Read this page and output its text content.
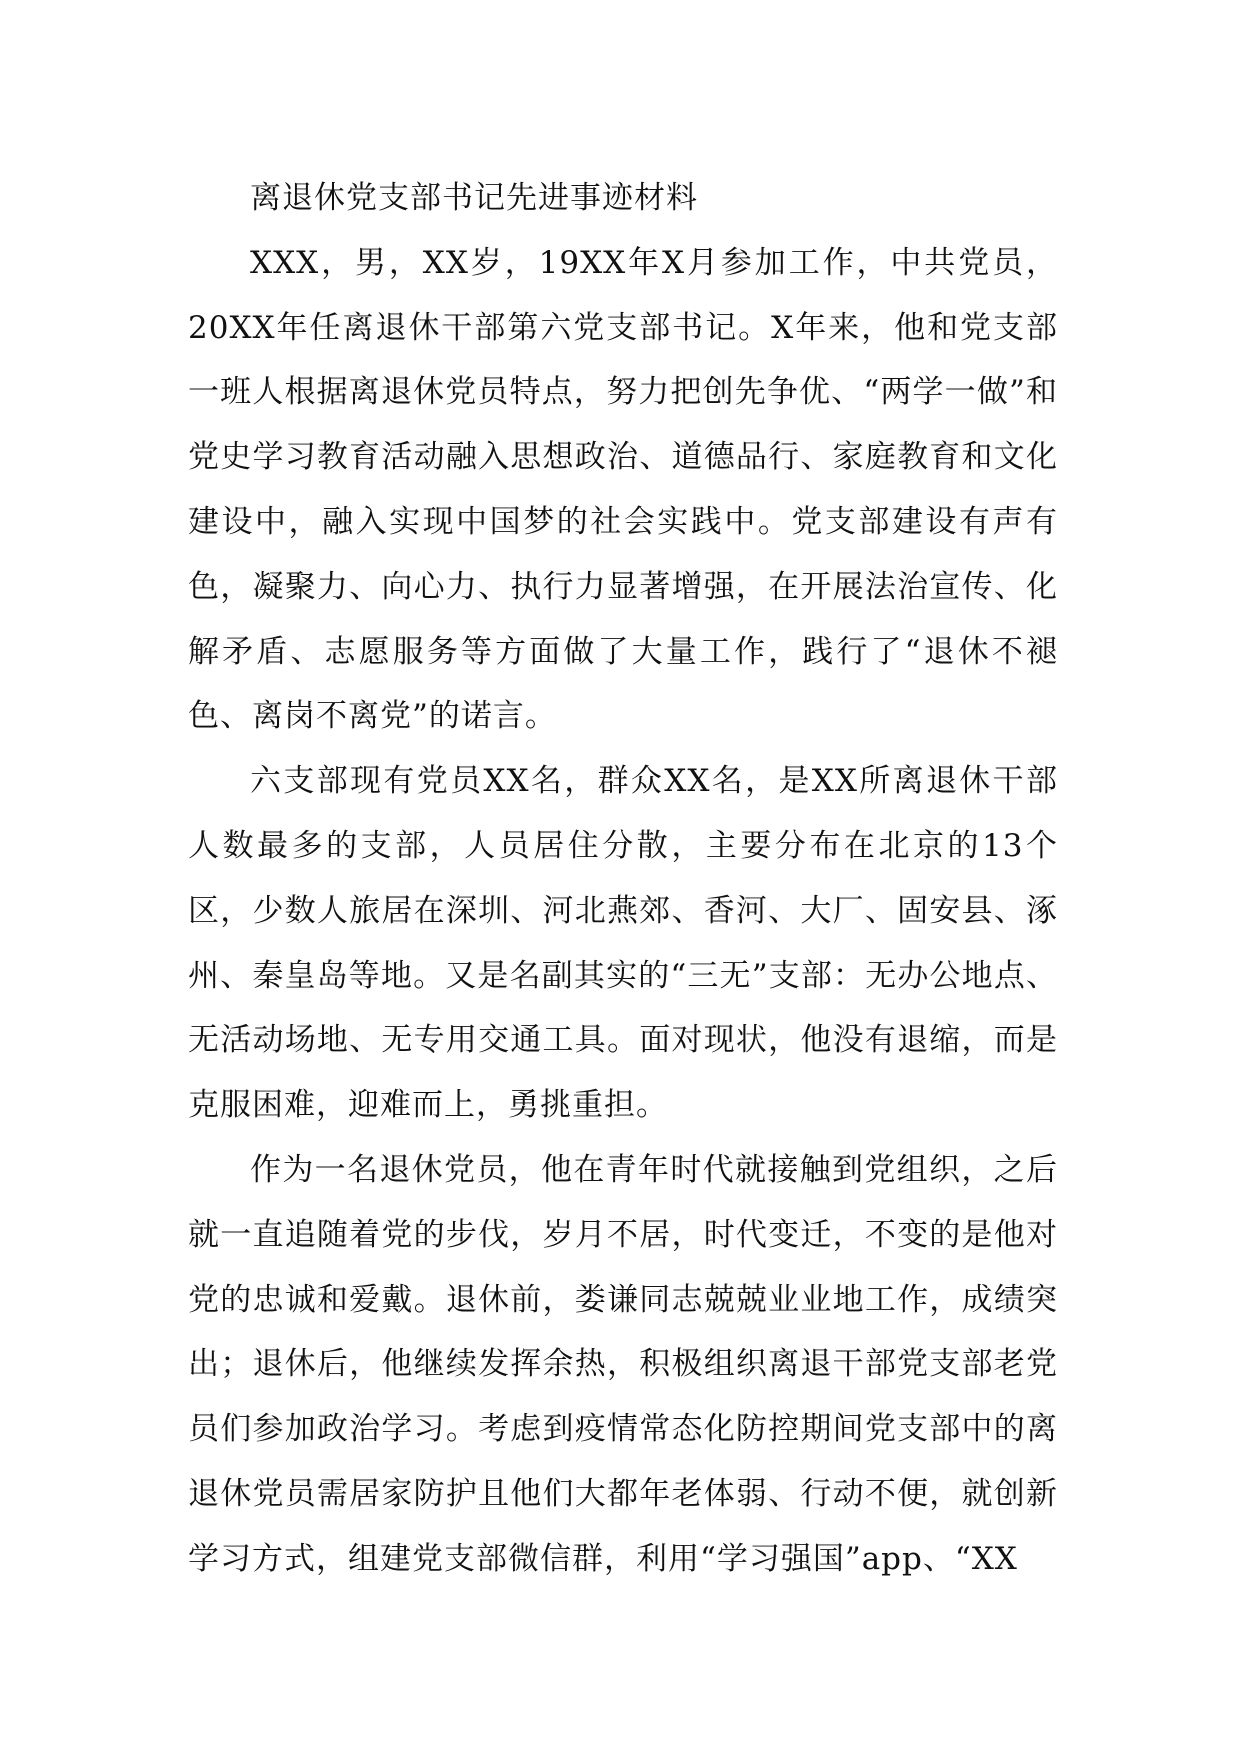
离退休党支部书记先进事迹材料

XXX，男，XX岁，19XX年X月参加工作，中共党员，20XX年任离退休干部第六党支部书记。X年来，他和党支部一班人根据离退休党员特点，努力把创先争优、“两学一做”和党史学习教育活动融入思想政治、道德品行、家庭教育和文化建设中，融入实现中国梦的社会实践中。党支部建设有声有色，凝聚力、向心力、执行力显著增强，在开展法治宣传、化解矛盾、志愿服务等方面做了大量工作，践行了“退休不褪色、离岗不离党”的诺言。

六支部现有党员XX名，群众XX名，是XX所离退休干部人数最多的支部，人员居住分散，主要分布在北京的13个区，少数人旅居在深圳、河北燕郊、香河、大厂、固安县、涿州、秦皇岛等地。又是名副其实的“三无”支部：无办公地点、无活动场地、无专用交通工具。面对现状，他没有退缩，而是克服困难，迎难而上，勇挑重担。

作为一名退休党员，他在青年时代就接触到党组织，之后就一直追随着党的步伐，岁月不居，时代变迁，不变的是他对党的忠诚和爱戴。退休前，娄谦同志兢兢业业地工作，成绩突出；退休后，他继续发挥余热，积极组织离退干部党支部老党员们参加政治学习。考虑到疫情常态化防控期间党支部中的离退休党员需居家防护且他们大都年老体弱、行动不便，就创新学习方式，组建党支部微信群，利用“学习强国”app、“XX
